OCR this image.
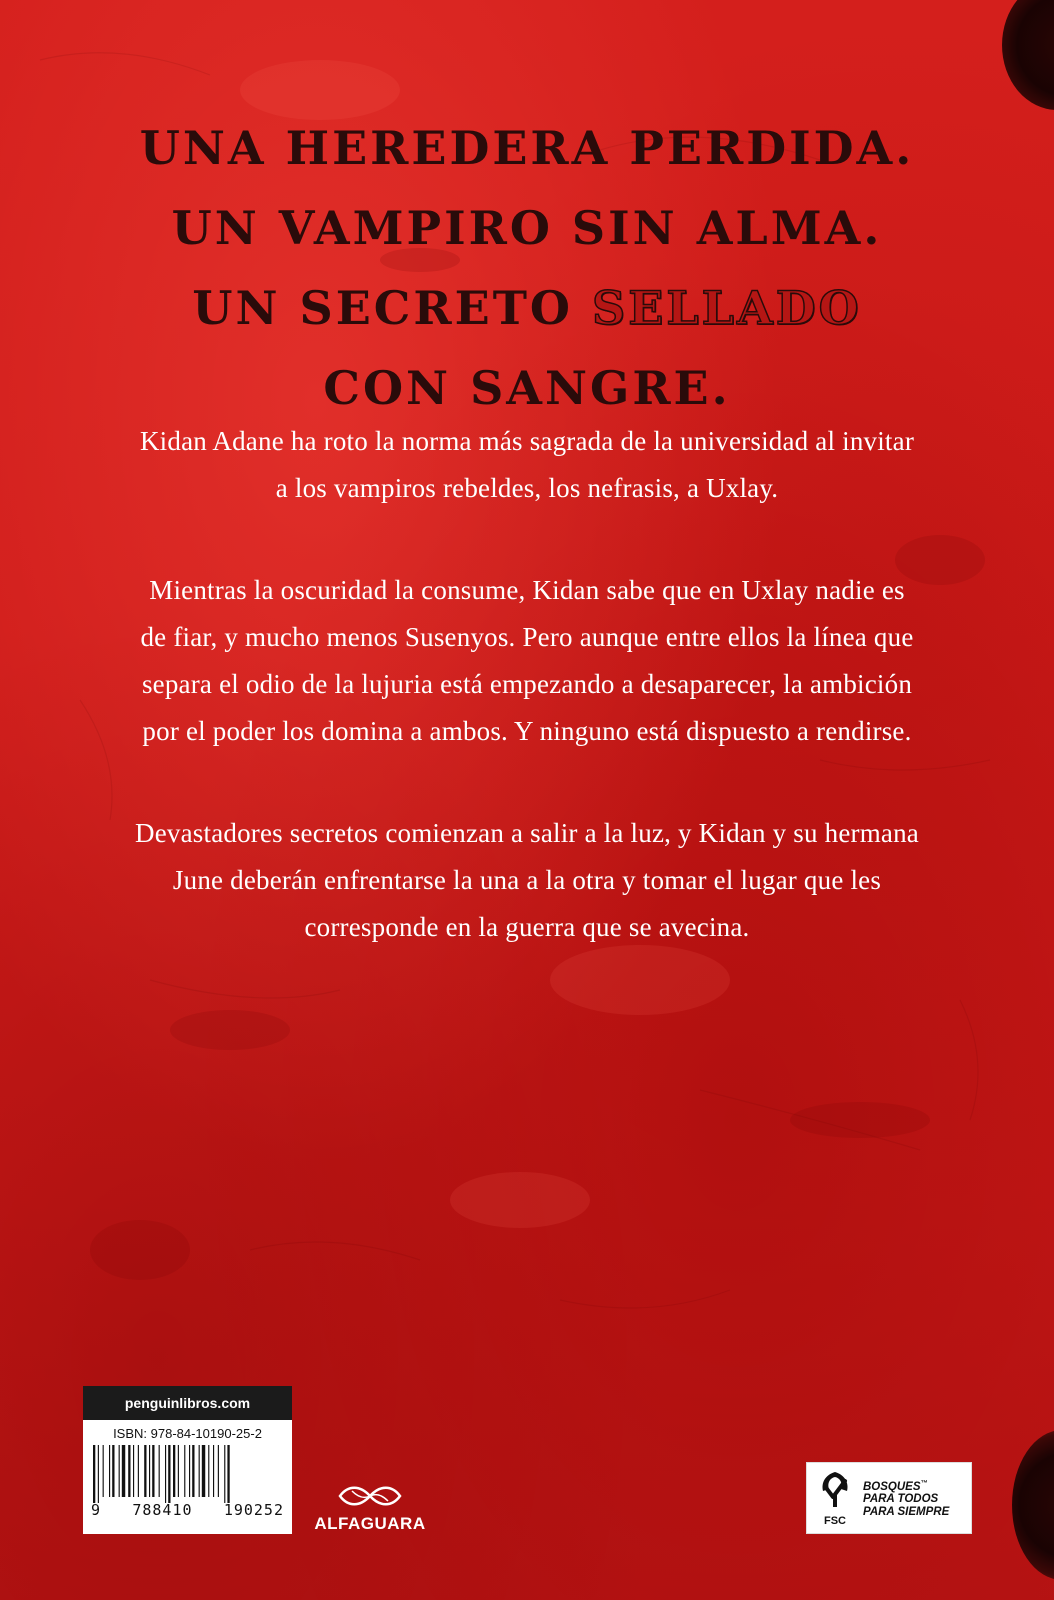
UNA HEREDERA PERDIDA.
UN VAMPIRO SIN ALMA.
UN SECRETO SELLADO
CON SANGRE.

Kidan Adane ha roto la norma más sagrada de la universidad al invitar

a los vampiros rebeldes, los nefrasis, a Uxlay.

Mientras la oscuridad la consume, Kidan sabe que en Uxlay nadie es

de fiar, y mucho menos Susenyos. Pero aunque entre ellos la línea que

separa el odio de la lujuria está empezando a desaparecer, la ambición

por el poder los domina a ambos. Y ninguno está dispuesto a rendirse.

Devastadores secretos comienzan a salir a la luz, y Kidan y su hermana

June deberán enfrentarse la una a la otra y tomar el lugar que les

corresponde en la guerra que se avecina.

penguinlibros.com
ISBN: 978-84-10190-25-2
9 788410 190252
ALFAGUARA	FSC
BOSQUES™
PARA TODOS
PARA SIEMPRE
